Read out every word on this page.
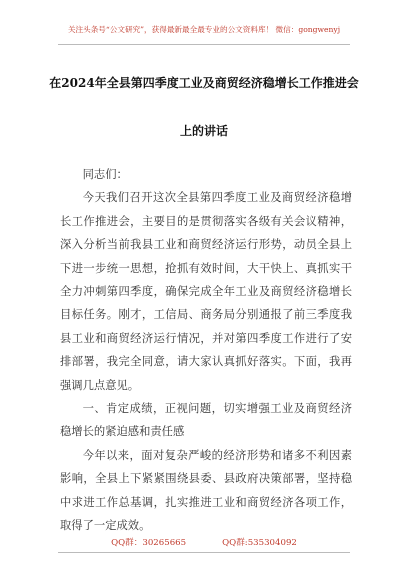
关注头条号“公文研究”，获得最新最全最专业的公文资料库！ 微信：gongwenyj
在2024年全县第四季度工业及商贸经济稳增长工作推进会
上的讲话

同志们：

今天我们召开这次全县第四季度工业及商贸经济稳增长工作推进会，主要目的是贯彻落实各级有关会议精神，深入分析当前我县工业和商贸经济运行形势，动员全县上下进一步统一思想，抢抓有效时间，大干快上、真抓实干全力冲刺第四季度，确保完成全年工业及商贸经济稳增长目标任务。刚才，工信局、商务局分别通报了前三季度我县工业和商贸经济运行情况，并对第四季度工作进行了安排部署，我完全同意，请大家认真抓好落实。下面，我再强调几点意见。

一、肯定成绩，正视问题，切实增强工业及商贸经济稳增长的紧迫感和责任感

今年以来，面对复杂严峻的经济形势和诸多不利因素影响，全县上下紧紧围绕县委、县政府决策部署，坚持稳中求进工作总基调，扎实推进工业和商贸经济各项工作，取得了一定成效。

QQ群：30265665	QQ群:535304092
